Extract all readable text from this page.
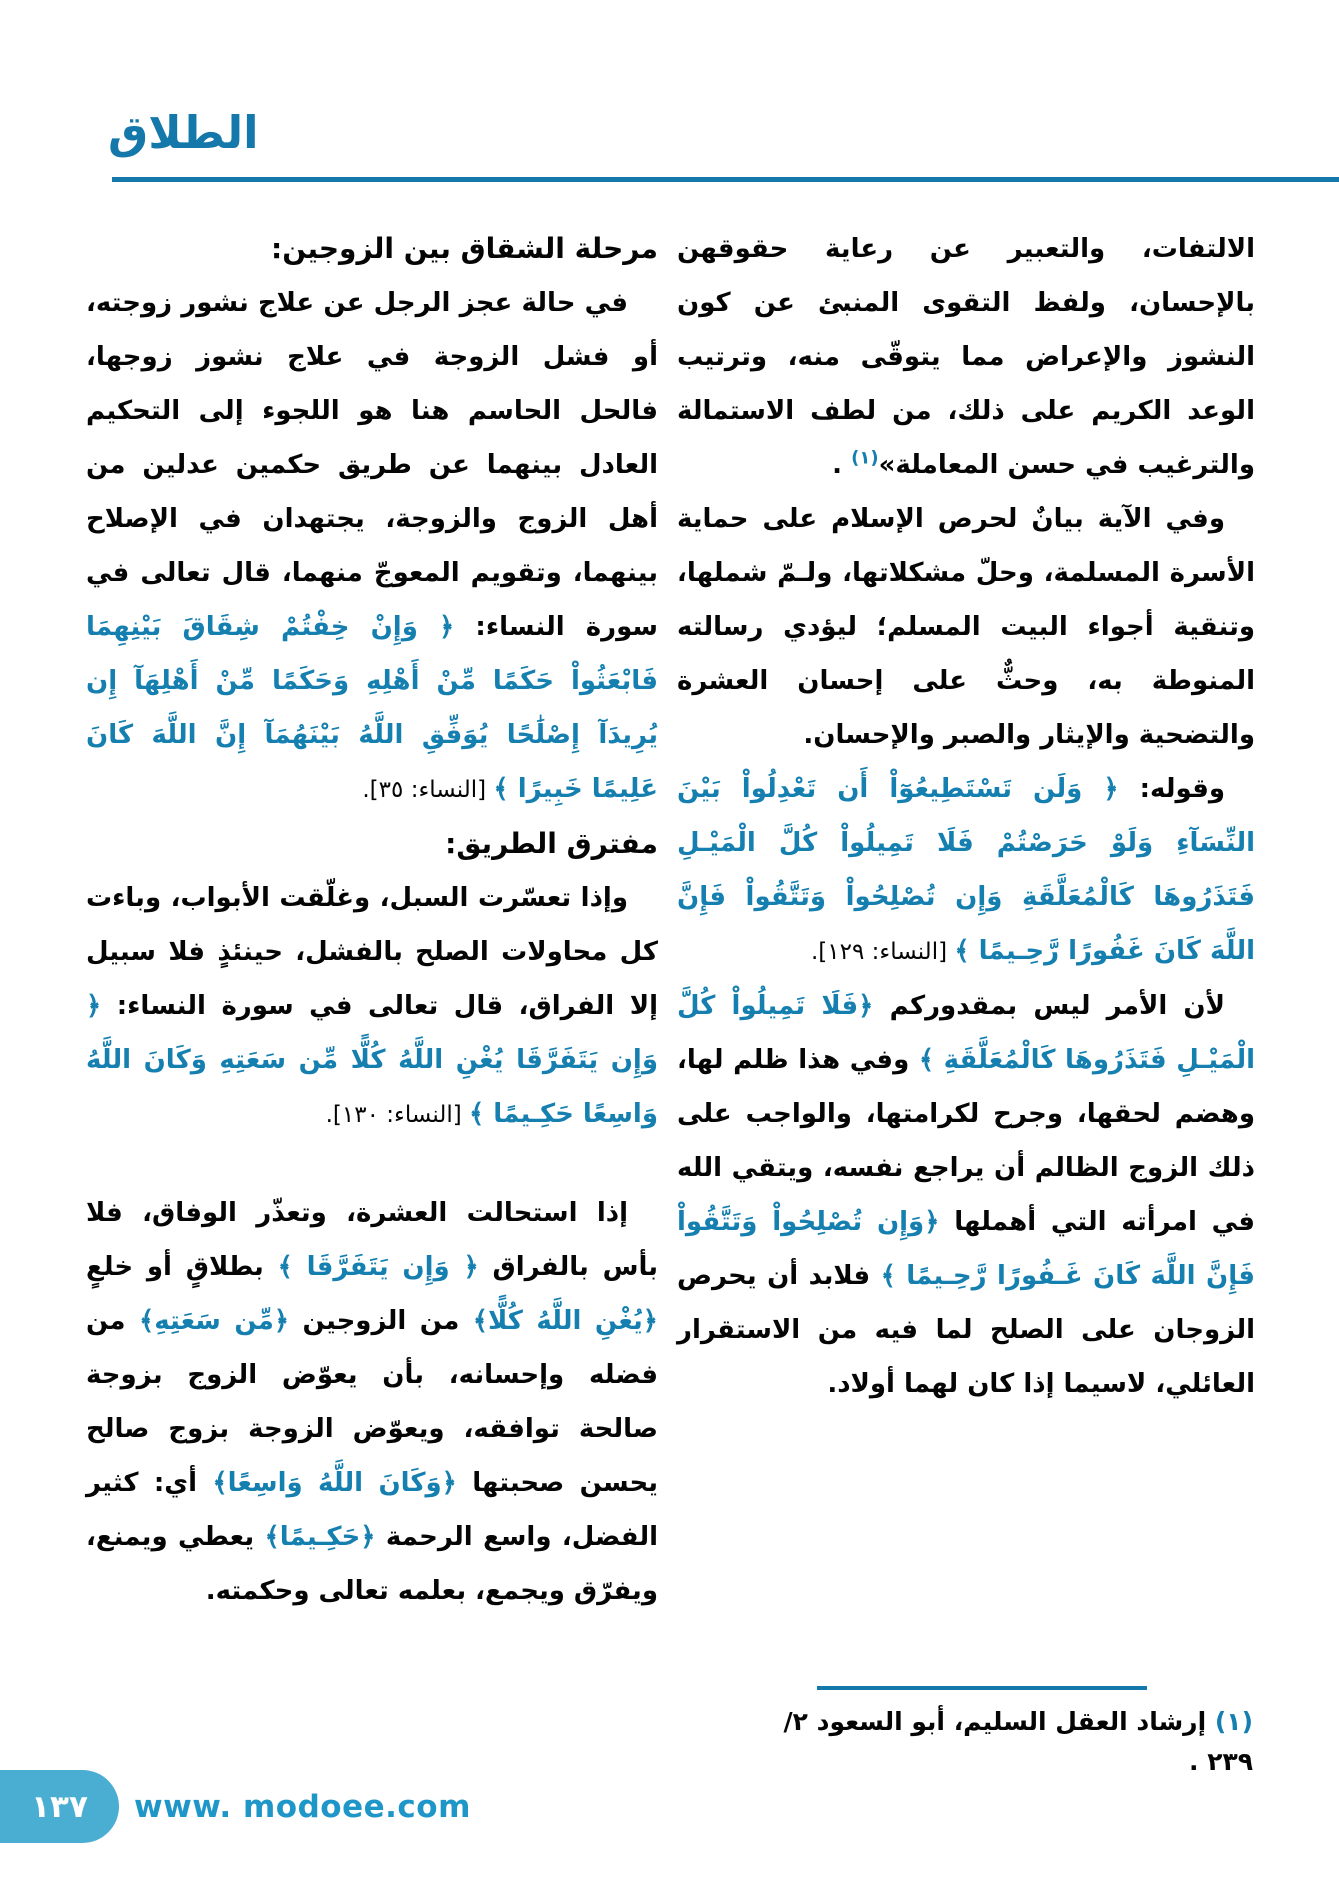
الطلاق

الالتفات، والتعبير عن رعاية حقوقهن بالإحسان، ولفظ التقوى المنبئ عن كون النشوز والإعراض مما يتوقّى منه، وترتيب الوعد الكريم على ذلك، من لطف الاستمالة والترغيب في حسن المعاملة»$^{(١)}$ .

وفي الآية بيانٌ لحرص الإسلام على حماية الأسرة المسلمة، وحلّ مشكلاتها، ولـمّ شملها، وتنقية أجواء البيت المسلم؛ ليؤدي رسالته المنوطة به، وحثٌّ على إحسان العشرة والتضحية والإيثار والصبر والإحسان.

وقوله: ﴿ وَلَن تَسْتَطِيعُوٓاْ أَن تَعْدِلُواْ بَيْنَ النِّسَآءِ وَلَوْ حَرَصْتُمْ فَلَا تَمِيلُواْ كُلَّ الْمَيْـلِ فَتَذَرُوهَا كَالْمُعَلَّقَةِ وَإِن تُصْلِحُواْ وَتَتَّقُواْ فَإِنَّ اللَّهَ كَانَ غَفُورًا رَّحِـيمًا ﴾ [النساء: ١٢٩].

لأن الأمر ليس بمقدوركم ﴿فَلَا تَمِيلُواْ كُلَّ الْمَيْـلِ فَتَذَرُوهَا كَالْمُعَلَّقَةِ ﴾ وفي هذا ظلم لها، وهضم لحقها، وجرح لكرامتها، والواجب على ذلك الزوج الظالم أن يراجع نفسه، ويتقي الله في امرأته التي أهملها ﴿وَإِن تُصْلِحُواْ وَتَتَّقُواْ فَإِنَّ اللَّهَ كَانَ غَـفُورًا رَّحِـيمًا ﴾ فلابد أن يحرص الزوجان على الصلح لما فيه من الاستقرار العائلي، لاسيما إذا كان لهما أولاد.

مرحلة الشقاق بين الزوجين:

في حالة عجز الرجل عن علاج نشور زوجته، أو فشل الزوجة في علاج نشوز زوجها، فالحل الحاسم هنا هو اللجوء إلى التحكيم العادل بينهما عن طريق حكمين عدلين من أهل الزوج والزوجة، يجتهدان في الإصلاح بينهما، وتقويم المعوجّ منهما، قال تعالى في سورة النساء: ﴿ وَإِنْ خِفْتُمْ شِقَاقَ بَيْنِهِمَا فَابْعَثُواْ حَكَمًا مِّنْ أَهْلِهِ وَحَكَمًا مِّنْ أَهْلِهَآ إِن يُرِيدَآ إِصْلَٰحًا يُوَفِّقِ اللَّهُ بَيْنَهُمَآ إِنَّ اللَّهَ كَانَ عَلِيمًا خَبِيرًا ﴾ [النساء: ٣٥].

مفترق الطريق:

وإذا تعسّرت السبل، وغلّقت الأبواب، وباءت كل محاولات الصلح بالفشل، حينئذٍ فلا سبيل إلا الفراق، قال تعالى في سورة النساء: ﴿ وَإِن يَتَفَرَّقَا يُغْنِ اللَّهُ كُلًّا مِّن سَعَتِهِ وَكَانَ اللَّهُ وَاسِعًا حَكِـيمًا ﴾ [النساء: ١٣٠].

إذا استحالت العشرة، وتعذّر الوفاق، فلا بأس بالفراق ﴿ وَإِن يَتَفَرَّقَا ﴾ بطلاقٍ أو خلعٍ ﴿يُغْنِ اللَّهُ كُلًّا﴾ من الزوجين ﴿مِّن سَعَتِهِ﴾ من فضله وإحسانه، بأن يعوّض الزوج بزوجة صالحة توافقه، ويعوّض الزوجة بزوج صالح يحسن صحبتها ﴿وَكَانَ اللَّهُ وَاسِعًا﴾ أي: كثير الفضل، واسع الرحمة ﴿حَكِـيمًا﴾ يعطي ويمنع، ويفرّق ويجمع، بعلمه تعالى وحكمته.

(١) إرشاد العقل السليم، أبو السعود ٢/ ٢٣٩ .
١٣٧	www. modoee.com
